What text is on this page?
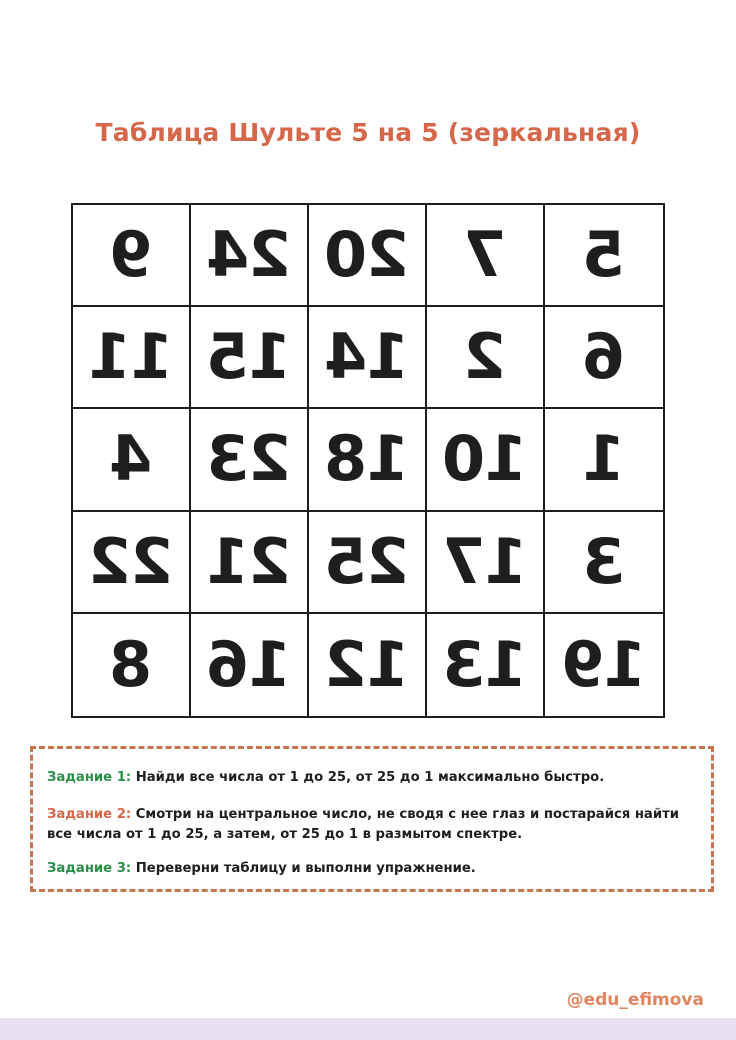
Таблица Шульте 5 на 5 (зеркальная)
9 24 20 7 5
11 15 14 2 6
4 23 18 10 1
22 21 25 17 3
8 16 12 13 19
Задание 1: Найди все числа от 1 до 25, от 25 до 1 максимально быстро.
Задание 2: Смотри на центральное число, не сводя с нее глаз и постарайся найти все числа от 1 до 25, а затем, от 25 до 1 в размытом спектре.
Задание 3: Переверни таблицу и выполни упражнение.
@edu_efimova
